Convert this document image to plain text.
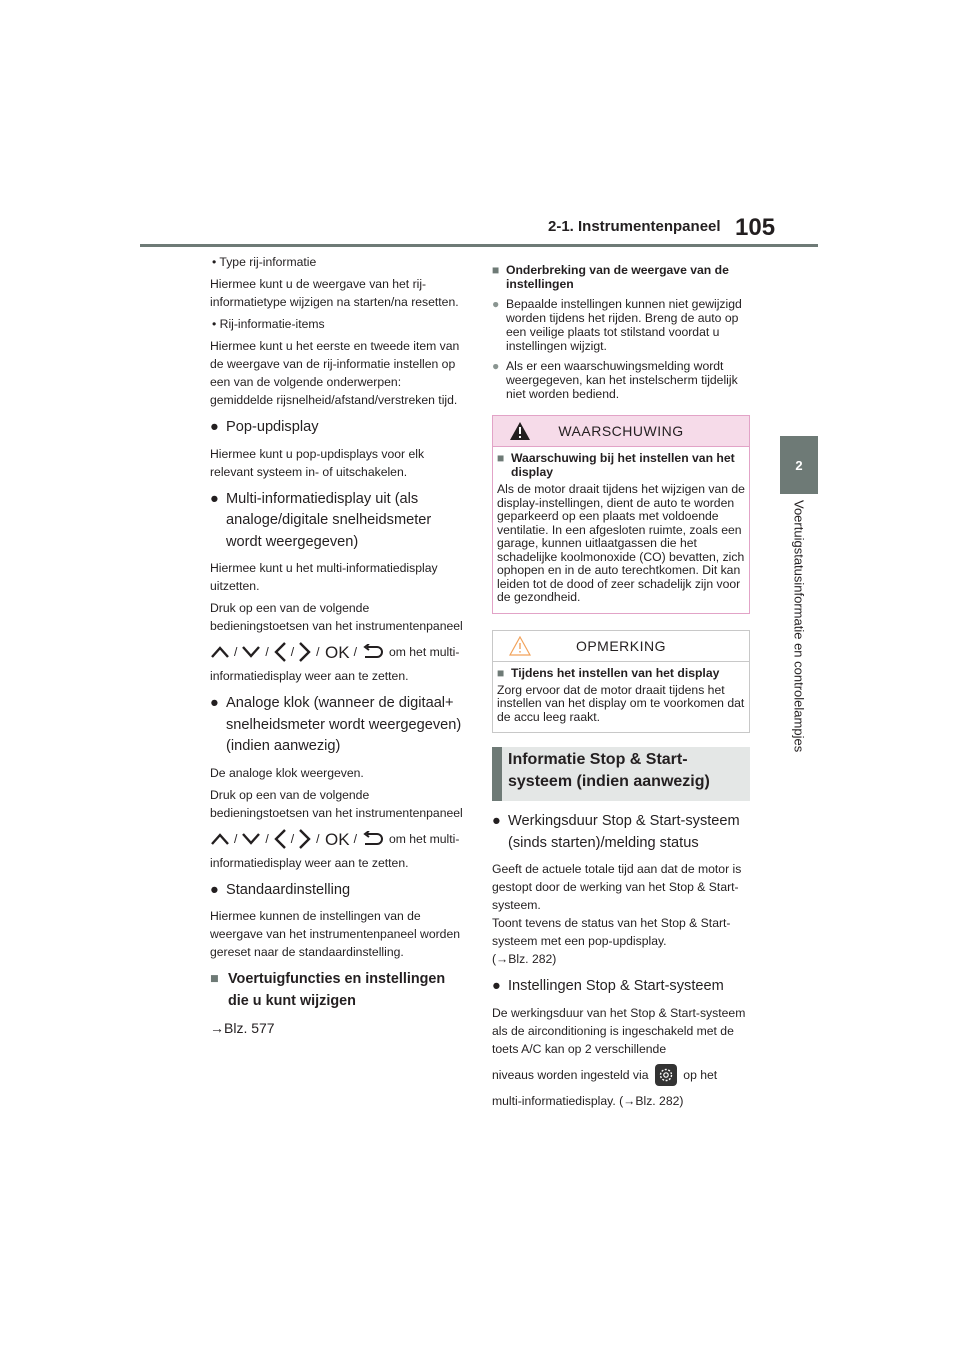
2-1. Instrumentenpaneel 105
2
Voertuigstatusinformatie en controlelampjes

• Type rij-informatie

Hiermee kunt u de weergave van het rij-informatietype wijzigen na starten/na resetten.

• Rij-informatie-items

Hiermee kunt u het eerste en tweede item van de weergave van de rij-informatie instellen op een van de volgende onderwerpen: gemiddelde rijsnelheid/afstand/verstreken tijd.

● Pop-updisplay

Hiermee kunt u pop-updisplays voor elk relevant systeem in- of uitschakelen.

● Multi-informatiedisplay uit (als analoge/digitale snelheidsmeter wordt weergegeven)

Hiermee kunt u het multi-informatiedisplay uitzetten.

Druk op een van de volgende bedieningstoetsen van het instrumentenpaneel

/ / / / OK /	om het multi-

informatiedisplay weer aan te zetten.

● Analoge klok (wanneer de digitaal+ snelheidsmeter wordt weergegeven) (indien aanwezig)

De analoge klok weergeven.

Druk op een van de volgende bedieningstoetsen van het instrumentenpaneel

/ / / / OK /	om het multi-

informatiedisplay weer aan te zetten.

● Standaardinstelling

Hiermee kunnen de instellingen van de weergave van het instrumentenpaneel worden gereset naar de standaardinstelling.

■ Voertuigfuncties en instellingen die u kunt wijzigen

→Blz. 577

■ Onderbreking van de weergave van de instellingen
● Bepaalde instellingen kunnen niet gewijzigd worden tijdens het rijden. Breng de auto op een veilige plaats tot stilstand voordat u instellingen wijzigt.
● Als er een waarschuwingsmelding wordt weergegeven, kan het instelscherm tijdelijk niet worden bediend.
WAARSCHUWING
■ Waarschuwing bij het instellen van het display

Als de motor draait tijdens het wijzigen van de display-instellingen, dient de auto te worden geparkeerd op een plaats met voldoende ventilatie. In een afgesloten ruimte, zoals een garage, kunnen uitlaatgassen die het schadelijke koolmonoxide (CO) bevatten, zich ophopen en in de auto terechtkomen. Dit kan leiden tot de dood of zeer schadelijk zijn voor de gezondheid.

OPMERKING
■ Tijdens het instellen van het display

Zorg ervoor dat de motor draait tijdens het instellen van het display om te voorkomen dat de accu leeg raakt.

Informatie Stop & Start-systeem (indien aanwezig)
● Werkingsduur Stop & Start-systeem (sinds starten)/melding status

Geeft de actuele totale tijd aan dat de motor is gestopt door de werking van het Stop & Start-systeem.

Toont tevens de status van het Stop & Start-systeem met een pop-updisplay.

(→Blz. 282)

● Instellingen Stop & Start-systeem

De werkingsduur van het Stop & Start-systeem als de airconditioning is ingeschakeld met de toets A/C kan op 2 verschillende

niveaus worden ingesteld via	op het

multi-informatiedisplay. (→Blz. 282)
